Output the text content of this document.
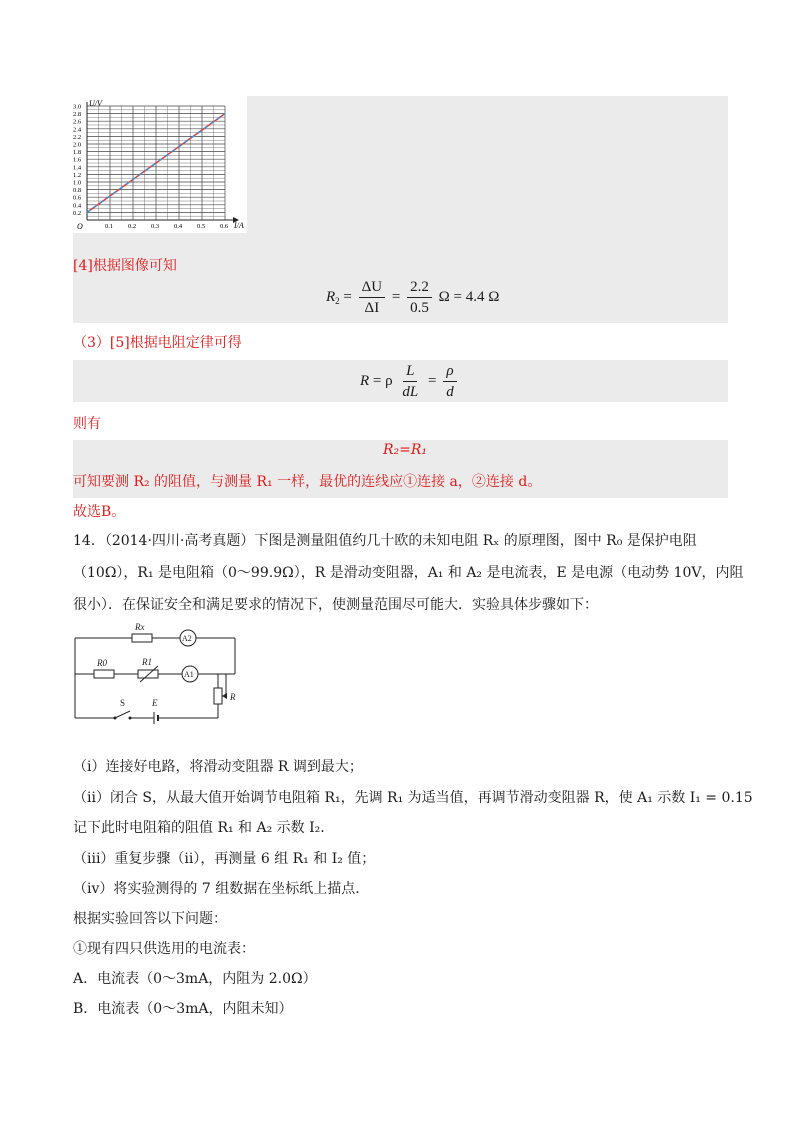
U/V
I/A
O
0.2
0.4
0.6
0.8
1.0
1.2
1.4
1.6
1.8
2.0
2.2
2.4
2.6
2.8
3.0
0.1 0.2 0.3 0.4 0.5 0.6
[4]根据图像可知
$R_2 = \frac{\Delta U}{\Delta I} = \frac{2.2}{0.5}$ Ω = 4.4 Ω
（3）[5]根据电阻定律可得
R = ρ $\frac{L}{dL} = \frac{\rho}{d}$
则有
R₂=R₁
可知要测 R₂ 的阻值，与测量 R₁ 一样，最优的连线应①连接 a，②连接 d。
故选B。
14．（2014·四川·高考真题）下图是测量阻值约几十欧的未知电阻 Rₓ 的原理图，图中 R₀ 是保护电阻
（10Ω），R₁ 是电阻箱（0～99.9Ω），R 是滑动变阻器，A₁ 和 A₂ 是电流表，E 是电源（电动势 10V，内阻
很小）．在保证安全和满足要求的情况下，使测量范围尽可能大．实验具体步骤如下：
Rx
A2
R0	R1
A1
R
S	E
（i）连接好电路，将滑动变阻器 R 调到最大；
（ii）闭合 S，从最大值开始调节电阻箱 R₁，先调 R₁ 为适当值，再调节滑动变阻器 R，使 A₁ 示数 I₁ = 0.15
记下此时电阻箱的阻值 R₁ 和 A₂ 示数 I₂.
（iii）重复步骤（ii），再测量 6 组 R₁ 和 I₂ 值；
（iv）将实验测得的 7 组数据在坐标纸上描点．
根据实验回答以下问题：
①现有四只供选用的电流表：
A．电流表（0～3mA，内阻为 2.0Ω）
B．电流表（0～3mA，内阻未知）
